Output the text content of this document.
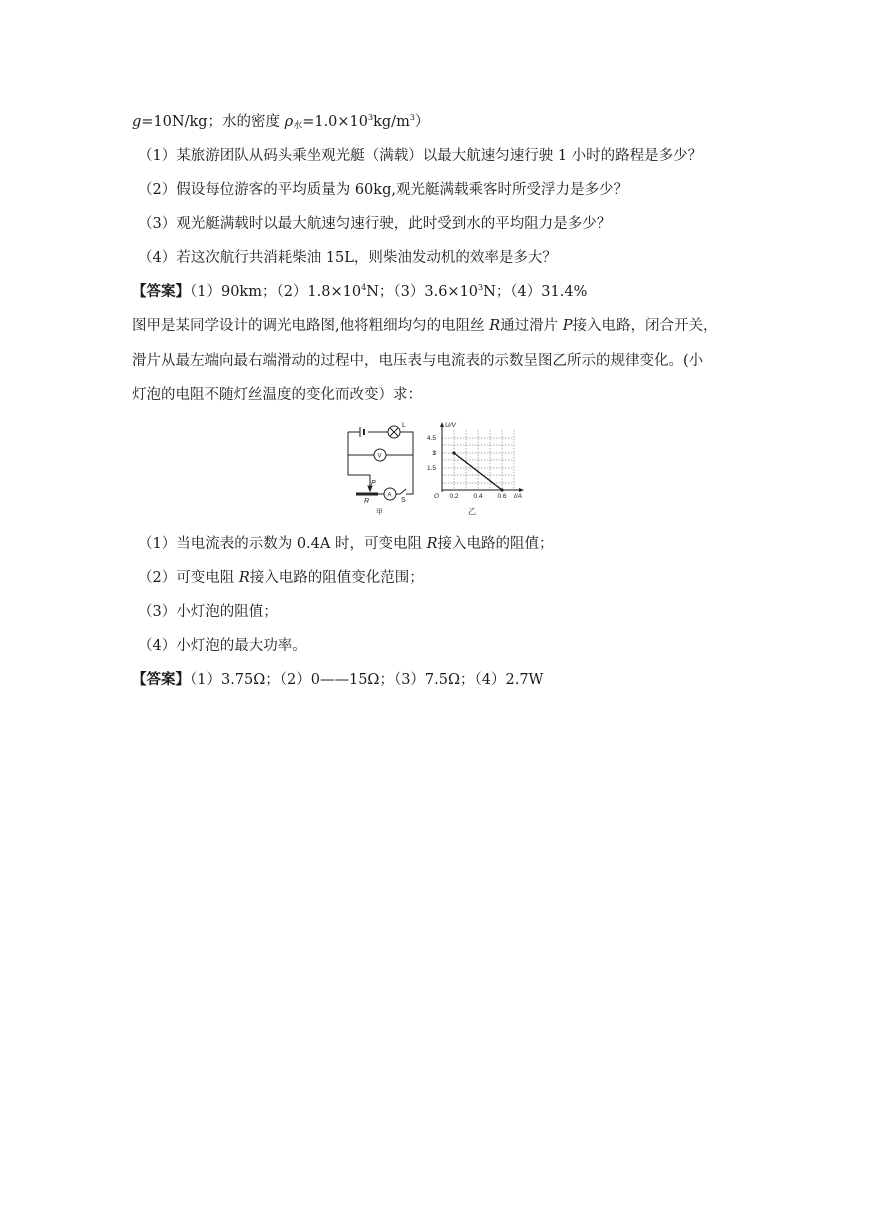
g=10N/kg；水的密度 $\rho_水=1.0\times 10^3kg/m^3$）
（1）某旅游团队从码头乘坐观光艇（满载）以最大航速匀速行驶 1 小时的路程是多少？
（2）假设每位游客的平均质量为 60kg,观光艇满载乘客时所受浮力是多少？
（3）观光艇满载时以最大航速匀速行驶，此时受到水的平均阻力是多少？
（4）若这次航行共消耗柴油 15L，则柴油发动机的效率是多大？
【答案】（1）90km；$(2)1.8\times 10^4N$；$(3)3.6\times 10^3N$；（4）31.4%
图甲是某同学设计的调光电路图,他将粗细均匀的电阻丝 R通过滑片 P接入电路，闭合开关，
滑片从最左端向最右端滑动的过程中，电压表与电流表的示数呈图乙所示的规律变化。(小
灯泡的电阻不随灯丝温度的变化而改变）求：
L
V
A
P
R	S
甲
U/V
I/A
4.5
3
1.5
O 0.2 0.4 0.6
乙
（1）当电流表的示数为 0.4A 时，可变电阻 R接入电路的阻值；
（2）可变电阻 R接入电路的阻值变化范围；
（3）小灯泡的阻值；
（4）小灯泡的最大功率。
【答案】（1）3.75Ω；（2）0——15Ω；（3）7.5Ω；（4）2.7W
